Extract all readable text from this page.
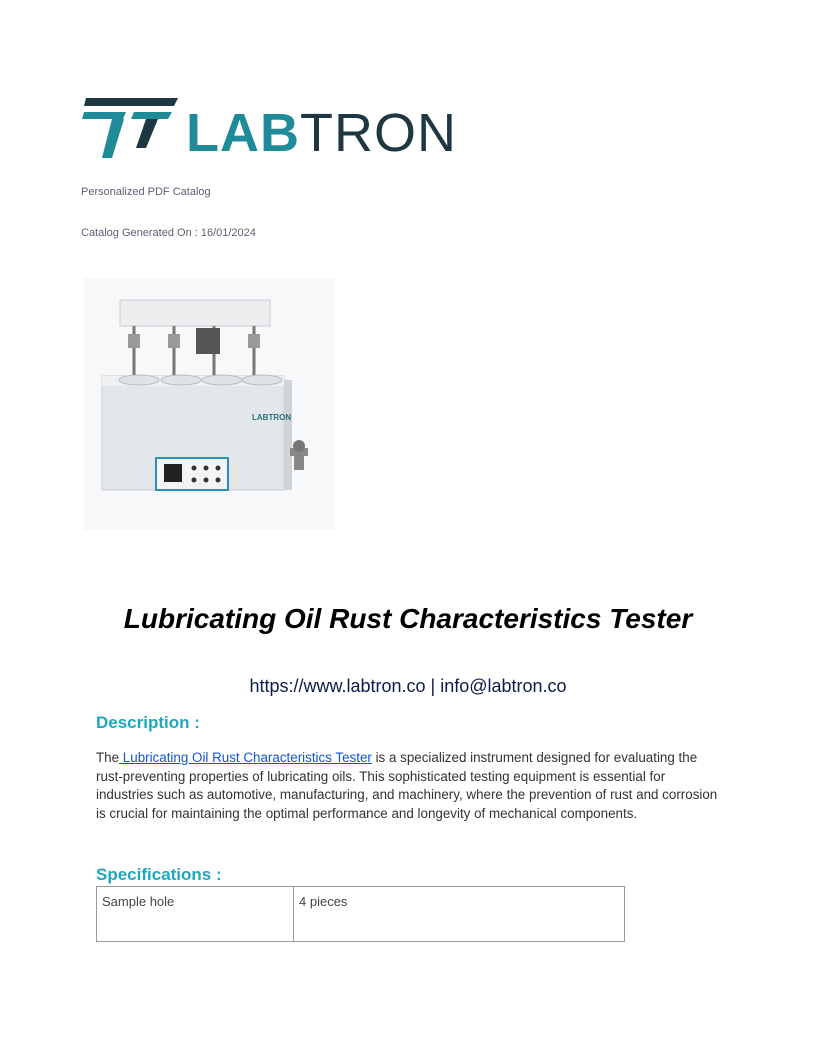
LABTRON
Personalized PDF Catalog
Catalog Generated On : 16/01/2024
LABTRON
Lubricating Oil Rust Characteristics Tester
https://www.labtron.co | info@labtron.co
Description :
The Lubricating Oil Rust Characteristics Tester is a specialized instrument designed for evaluating the rust-preventing properties of lubricating oils. This sophisticated testing equipment is essential for industries such as automotive, manufacturing, and machinery, where the prevention of rust and corrosion is crucial for maintaining the optimal performance and longevity of mechanical components.
Specifications :
Sample hole	4 pieces
